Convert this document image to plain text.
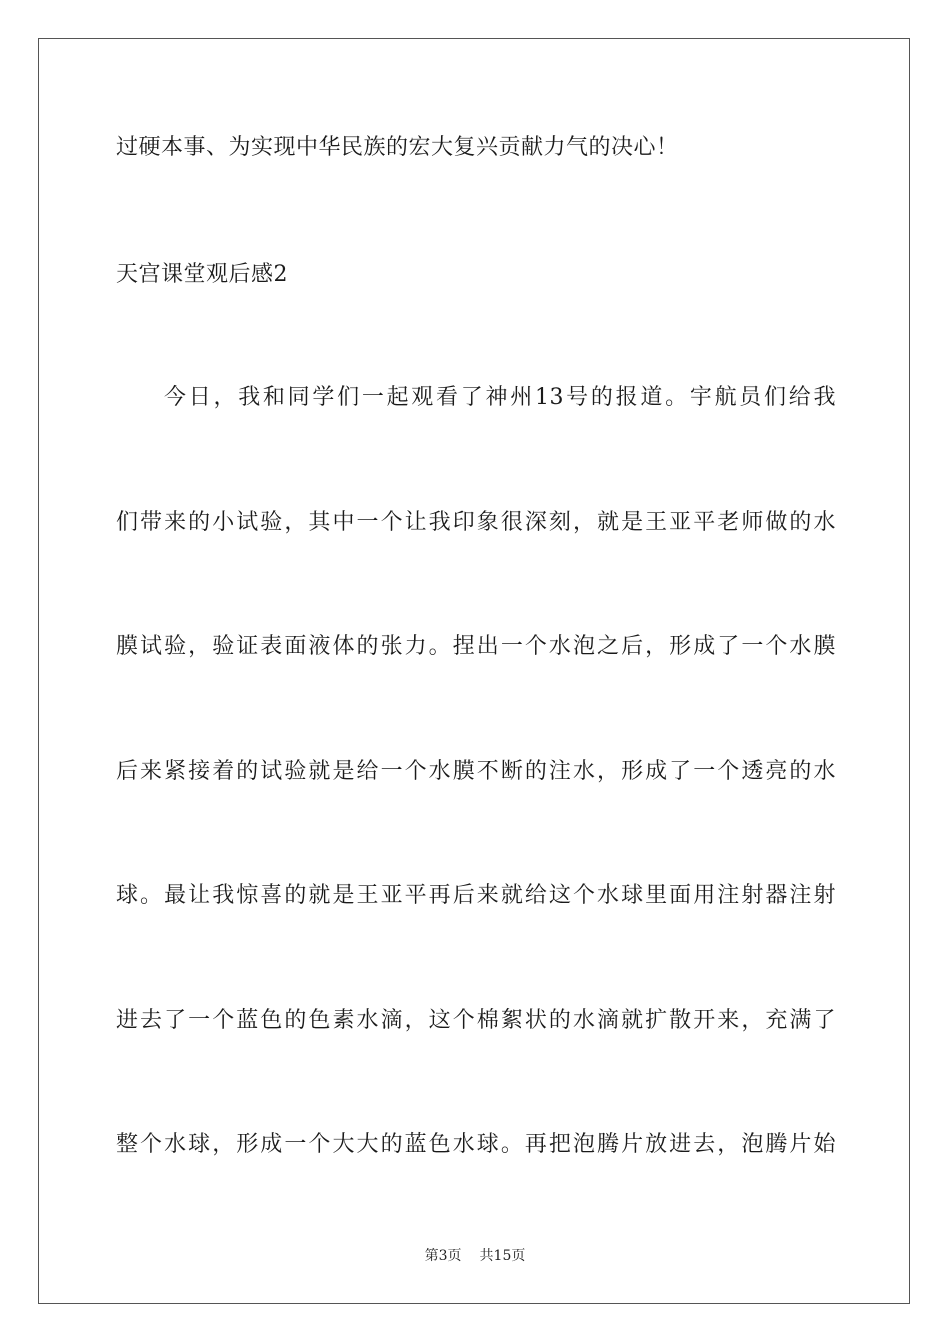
过硬本事、为实现中华民族的宏大复兴贡献力气的决心！
天宫课堂观后感2
今日，我和同学们一起观看了神州13号的报道。宇航员们给我
们带来的小试验，其中一个让我印象很深刻，就是王亚平老师做的水
膜试验，验证表面液体的张力。捏出一个水泡之后，形成了一个水膜
后来紧接着的试验就是给一个水膜不断的注水，形成了一个透亮的水
球。最让我惊喜的就是王亚平再后来就给这个水球里面用注射器注射
进去了一个蓝色的色素水滴，这个棉絮状的水滴就扩散开来，充满了
整个水球，形成一个大大的蓝色水球。再把泡腾片放进去，泡腾片始
第3页 共15页
